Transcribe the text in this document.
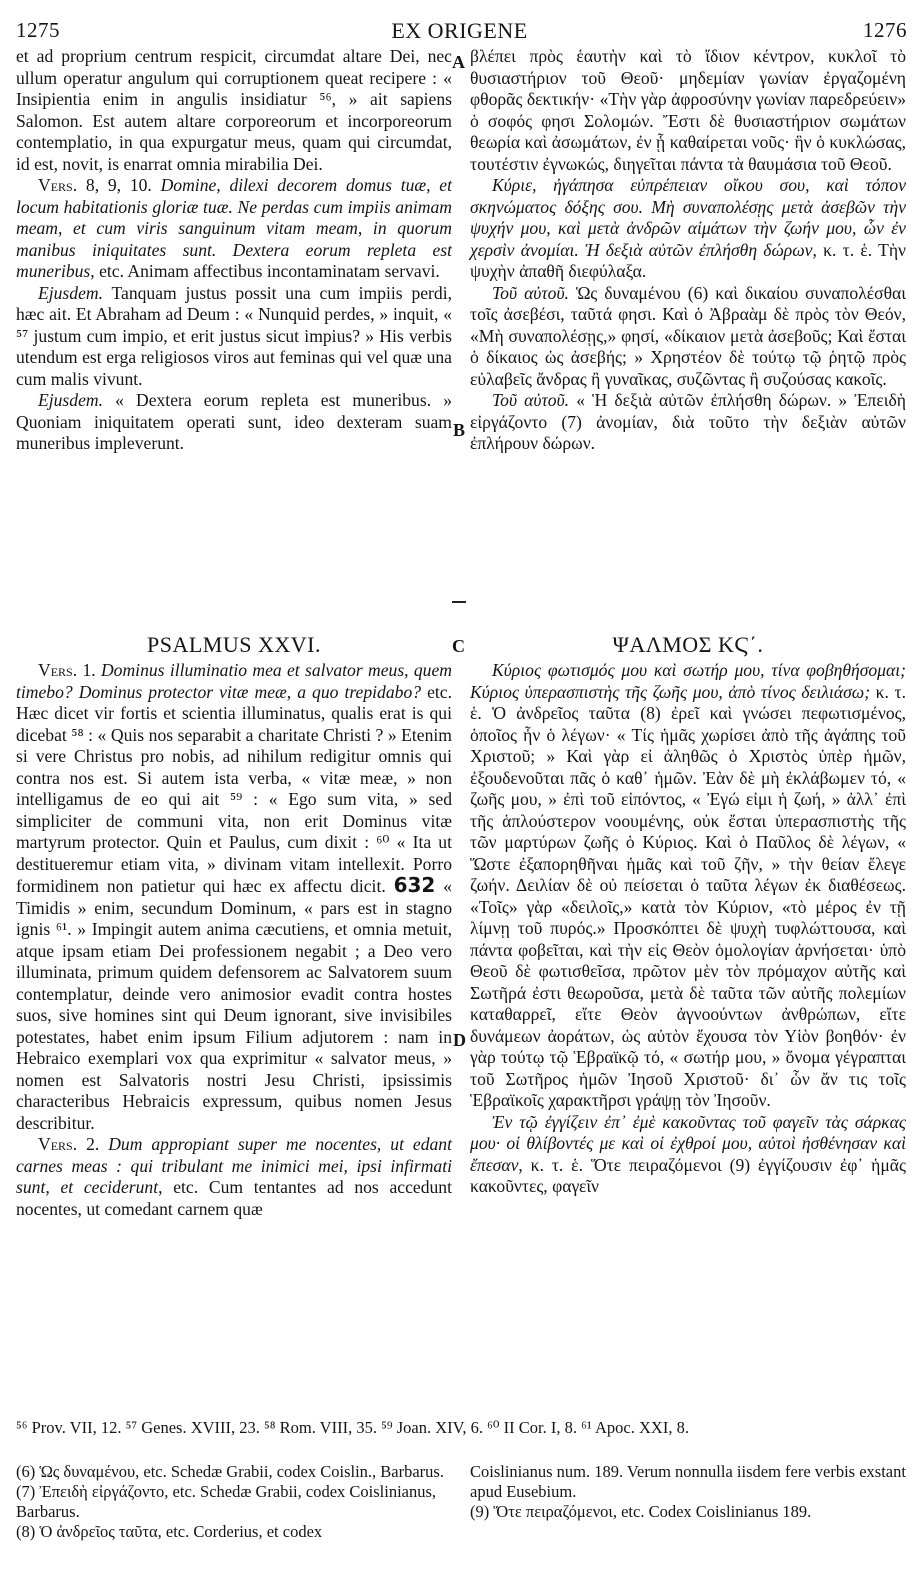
1275	EX ORIGENE	1276

et ad proprium centrum respicit, circumdat altare Dei, nec ullum operatur angulum qui corruptionem queat recipere : « Insipientia enim in angulis insidiatur ⁵⁶, » ait sapiens Salomon. Est autem altare corporeorum et incorporeorum contemplatio, in qua expurgatur meus, quam qui circumdat, id est, novit, is enarrat omnia mirabilia Dei.

Vers. 8, 9, 10. Domine, dilexi decorem domus tuæ, et locum habitationis gloriæ tuæ. Ne perdas cum impiis animam meam, et cum viris sanguinum vitam meam, in quorum manibus iniquitates sunt. Dextera eorum repleta est muneribus, etc. Animam affectibus incontaminatam servavi.

Ejusdem. Tanquam justus possit una cum impiis perdi, hæc ait. Et Abraham ad Deum : « Nunquid perdes, » inquit, « ⁵⁷ justum cum impio, et erit justus sicut impius? » His verbis utendum est erga religiosos viros aut feminas qui vel quæ una cum malis vivunt.

Ejusdem. « Dextera eorum repleta est muneribus. » Quoniam iniquitatem operati sunt, ideo dexteram suam muneribus impleverunt.

βλέπει πρὸς ἑαυτὴν καὶ τὸ ἴδιον κέντρον, κυκλοῖ τὸ θυσιαστήριον τοῦ Θεοῦ· μηδεμίαν γωνίαν ἐργαζομένη φθορᾶς δεκτικήν· «Τὴν γὰρ ἀφροσύνην γωνίαν παρεδρεύειν» ὁ σοφός φησι Σολομών. Ἔστι δὲ θυσιαστήριον σωμάτων θεωρία καὶ ἀσωμάτων, ἐν ᾗ καθαίρεται νοῦς· ἣν ὁ κυκλώσας, τουτέστιν ἐγνωκώς, διηγεῖται πάντα τὰ θαυμάσια τοῦ Θεοῦ.

Κύριε, ἠγάπησα εὐπρέπειαν οἴκου σου, καὶ τόπον σκηνώματος δόξης σου. Μὴ συναπολέσῃς μετὰ ἀσεβῶν τὴν ψυχήν μου, καὶ μετὰ ἀνδρῶν αἱμάτων τὴν ζωήν μου, ὧν ἐν χερσὶν ἀνομίαι. Ἡ δεξιὰ αὐτῶν ἐπλήσθη δώρων, κ. τ. ἑ. Τὴν ψυχὴν ἀπαθῆ διεφύλαξα.

Τοῦ αὐτοῦ. Ὡς δυναμένου (6) καὶ δικαίου συναπολέσθαι τοῖς ἀσεβέσι, ταῦτά φησι. Καὶ ὁ Ἀβραὰμ δὲ πρὸς τὸν Θεόν, «Μὴ συναπολέσῃς,» φησί, «δίκαιον μετὰ ἀσεβοῦς; Καὶ ἔσται ὁ δίκαιος ὡς ἀσεβής; » Χρηστέον δὲ τούτῳ τῷ ῥητῷ πρὸς εὐλαβεῖς ἄνδρας ἢ γυναῖκας, συζῶντας ἢ συζούσας κακοῖς.

Τοῦ αὐτοῦ. « Ἡ δεξιὰ αὐτῶν ἐπλήσθη δώρων. » Ἐπειδὴ εἰργάζοντο (7) ἀνομίαν, διὰ τοῦτο τὴν δεξιὰν αὐτῶν ἐπλήρουν δώρων.

A
B
PSALMUS XXVI.	C	ΨΑΛΜΟΣ ΚϚ΄.

Vers. 1. Dominus illuminatio mea et salvator meus, quem timebo? Dominus protector vitæ meæ, a quo trepidabo? etc. Hæc dicet vir fortis et scientia illuminatus, qualis erat is qui dicebat ⁵⁸ : « Quis nos separabit a charitate Christi ? » Etenim si vere Christus pro nobis, ad nihilum redigitur omnis qui contra nos est. Si autem ista verba, « vitæ meæ, » non intelligamus de eo qui ait ⁵⁹ : « Ego sum vita, » sed simpliciter de communi vita, non erit Dominus vitæ martyrum protector. Quin et Paulus, cum dixit : ⁶⁰ « Ita ut destitueremur etiam vita, » divinam vitam intellexit. Porro formidinem non patietur qui hæc ex affectu dicit. 632 « Timidis » enim, secundum Dominum, « pars est in stagno ignis ⁶¹. » Impingit autem anima cæcutiens, et omnia metuit, atque ipsam etiam Dei professionem negabit ; a Deo vero illuminata, primum quidem defensorem ac Salvatorem suum contemplatur, deinde vero animosior evadit contra hostes suos, sive homines sint qui Deum ignorant, sive invisibiles potestates, habet enim ipsum Filium adjutorem : nam in Hebraico exemplari vox qua exprimitur « salvator meus, » nomen est Salvatoris nostri Jesu Christi, ipsissimis characteribus Hebraicis expressum, quibus nomen Jesus describitur.

Vers. 2. Dum appropiant super me nocentes, ut edant carnes meas : qui tribulant me inimici mei, ipsi infirmati sunt, et ceciderunt, etc. Cum tentantes ad nos accedunt nocentes, ut comedant carnem quæ

Κύριος φωτισμός μου καὶ σωτήρ μου, τίνα φοβηθήσομαι; Κύριος ὑπερασπιστὴς τῆς ζωῆς μου, ἀπὸ τίνος δειλιάσω; κ. τ. ἑ. Ὁ ἀνδρεῖος ταῦτα (8) ἐρεῖ καὶ γνώσει πεφωτισμένος, ὁποῖος ἦν ὁ λέγων· « Τίς ἡμᾶς χωρίσει ἀπὸ τῆς ἀγάπης τοῦ Χριστοῦ; » Καὶ γὰρ εἰ ἀληθῶς ὁ Χριστὸς ὑπὲρ ἡμῶν, ἐξουδενοῦται πᾶς ὁ καθ᾽ ἡμῶν. Ἐὰν δὲ μὴ ἐκλάβωμεν τό, « ζωῆς μου, » ἐπὶ τοῦ εἰπόντος, « Ἐγώ εἰμι ἡ ζωή, » ἀλλ᾽ ἐπὶ τῆς ἁπλούστερον νοουμένης, οὐκ ἔσται ὑπερασπιστὴς τῆς τῶν μαρτύρων ζωῆς ὁ Κύριος. Καὶ ὁ Παῦλος δὲ λέγων, « Ὥστε ἐξαπορηθῆναι ἡμᾶς καὶ τοῦ ζῆν, » τὴν θείαν ἔλεγε ζωήν. Δειλίαν δὲ οὐ πείσεται ὁ ταῦτα λέγων ἐκ διαθέσεως. «Τοῖς» γὰρ «δειλοῖς,» κατὰ τὸν Κύριον, «τὸ μέρος ἐν τῇ λίμνῃ τοῦ πυρός.» Προσκόπτει δὲ ψυχὴ τυφλώττουσα, καὶ πάντα φοβεῖται, καὶ τὴν εἰς Θεὸν ὁμολογίαν ἀρνήσεται· ὑπὸ Θεοῦ δὲ φωτισθεῖσα, πρῶτον μὲν τὸν πρόμαχον αὐτῆς καὶ Σωτῆρά ἐστι θεωροῦσα, μετὰ δὲ ταῦτα τῶν αὐτῆς πολεμίων καταθαρρεῖ, εἴτε Θεὸν ἀγνοούντων ἀνθρώπων, εἴτε δυνάμεων ἀοράτων, ὡς αὐτὸν ἔχουσα τὸν Υἱὸν βοηθόν· ἐν γὰρ τούτῳ τῷ Ἑβραϊκῷ τό, « σωτήρ μου, » ὄνομα γέγραπται τοῦ Σωτῆρος ἡμῶν Ἰησοῦ Χριστοῦ· δι᾽ ὧν ἄν τις τοῖς Ἑβραϊκοῖς χαρακτῆρσι γράψῃ τὸν Ἰησοῦν.

Ἐν τῷ ἐγγίζειν ἐπ᾽ ἐμὲ κακοῦντας τοῦ φαγεῖν τὰς σάρκας μου· οἱ θλίβοντές με καὶ οἱ ἐχθροί μου, αὐτοὶ ἠσθένησαν καὶ ἔπεσαν, κ. τ. ἑ. Ὅτε πειραζόμενοι (9) ἐγγίζουσιν ἐφ᾽ ἡμᾶς κακοῦντες, φαγεῖν

D
⁵⁶ Prov. VII, 12. ⁵⁷ Genes. XVIII, 23. ⁵⁸ Rom. VIII, 35. ⁵⁹ Joan. XIV, 6. ⁶⁰ II Cor. I, 8. ⁶¹ Apoc. XXI, 8.
(6) Ὡς δυναμένου, etc. Schedæ Grabii, codex Coislin., Barbarus.
(7) Ἐπειδὴ εἰργάζοντο, etc. Schedæ Grabii, codex Coislinianus, Barbarus.
(8) Ὁ ἀνδρεῖος ταῦτα, etc. Corderius, et codex
Coislinianus num. 189. Verum nonnulla iisdem fere verbis exstant apud Eusebium.
(9) Ὅτε πειραζόμενοι, etc. Codex Coislinianus 189.
